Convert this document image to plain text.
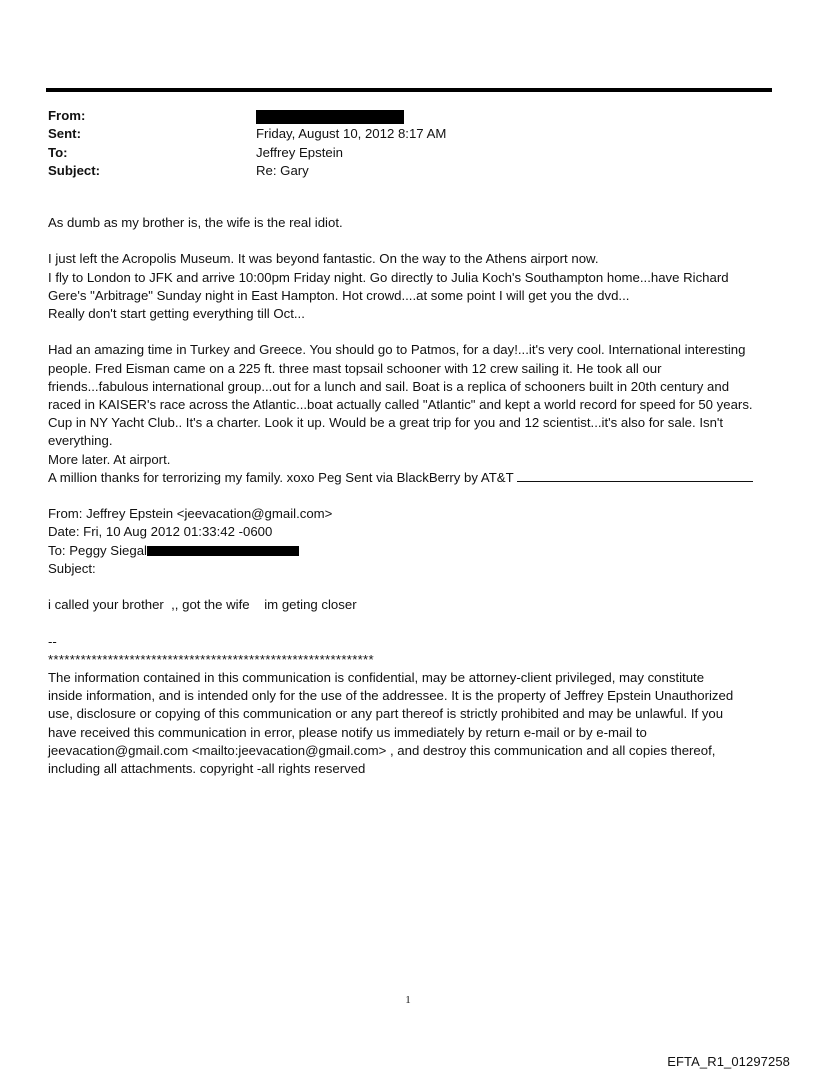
From:
Sent:	Friday, August 10, 2012 8:17 AM
To:	Jeffrey Epstein
Subject:	Re: Gary

As dumb as my brother is, the wife is the real idiot.

I just left the Acropolis Museum. It was beyond fantastic. On the way to the Athens airport now.

I fly to London to JFK and arrive 10:00pm Friday night. Go directly to Julia Koch's Southampton home...have Richard

Gere's "Arbitrage" Sunday night in East Hampton. Hot crowd....at some point I will get you the dvd...

Really don't start getting everything till Oct...

Had an amazing time in Turkey and Greece. You should go to Patmos, for a day!...it's very cool. International interesting

people. Fred Eisman came on a 225 ft. three mast topsail schooner with 12 crew sailing it. He took all our

friends...fabulous international group...out for a lunch and sail. Boat is a replica of schooners built in 20th century and

raced in KAISER's race across the Atlantic...boat actually called "Atlantic" and kept a world record for speed for 50 years.

Cup in NY Yacht Club.. It's a charter. Look it up. Would be a great trip for you and 12 scientist...it's also for sale. Isn't

everything.

More later. At airport.

A million thanks for terrorizing my family. xoxo Peg Sent via BlackBerry by AT&T

From: Jeffrey Epstein <jeevacation@gmail.com>

Date: Fri, 10 Aug 2012 01:33:42 -0600

To: Peggy Siegal

Subject:

i called your brother  ,, got the wife    im geting closer

--

************************************************************

The information contained in this communication is confidential, may be attorney-client privileged, may constitute

inside information, and is intended only for the use of the addressee. It is the property of Jeffrey Epstein Unauthorized

use, disclosure or copying of this communication or any part thereof is strictly prohibited and may be unlawful. If you

have received this communication in error, please notify us immediately by return e-mail or by e-mail to

jeevacation@gmail.com <mailto:jeevacation@gmail.com> , and destroy this communication and all copies thereof,

including all attachments. copyright -all rights reserved

1
EFTA_R1_01297258
